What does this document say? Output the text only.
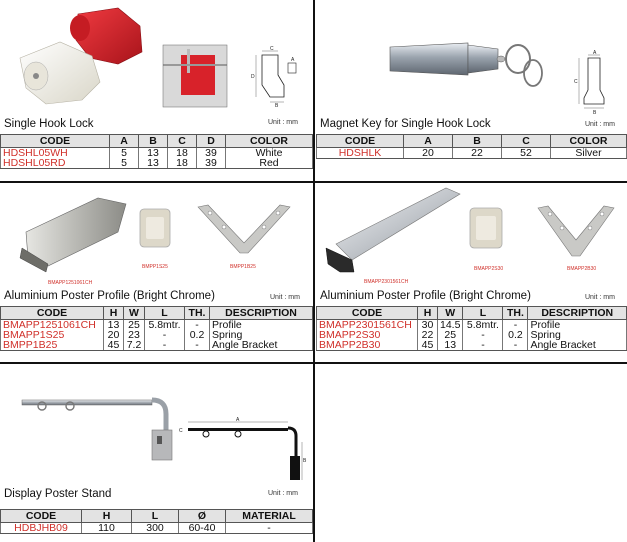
C
A
D
B
Single Hook Lock	Unit : mm
CODE	A	B	C	D	COLOR
HDSHL05WH	5	13	18	39	White
HDSHL05RD	5	13	18	39	Red
A
C
B
Magnet Key for Single Hook Lock	Unit : mm
CODE	A	B	C	COLOR
HDSHLK	20	22	52	Silver
BMAPP1251061CH
BMPP1S25	BMPP1B25
Aluminium Poster Profile (Bright Chrome)	Unit : mm
CODE	H	W	L	TH.	DESCRIPTION
BMAPP1251061CH	13	25	5.8mtr.	-	Profile
BMAPP1S25	20	23	-	0.2	Spring
BMPP1B25	45	7.2	-	-	Angle Bracket
BMAPP2301561CH
BMAPP2S30	BMAPP2B30
Aluminium Poster Profile (Bright Chrome)	Unit : mm
CODE	H	W	L	TH.	DESCRIPTION
BMAPP2301561CH	30	14.5	5.8mtr.	-	Profile
BMAPP2S30	22	25	-	0.2	Spring
BMAPP2B30	45	13	-	-	Angle Bracket
A
C
B
Display Poster Stand	Unit : mm
CODE	H	L	Ø	MATERIAL
HDBJHB09	110	300	60-40	-
